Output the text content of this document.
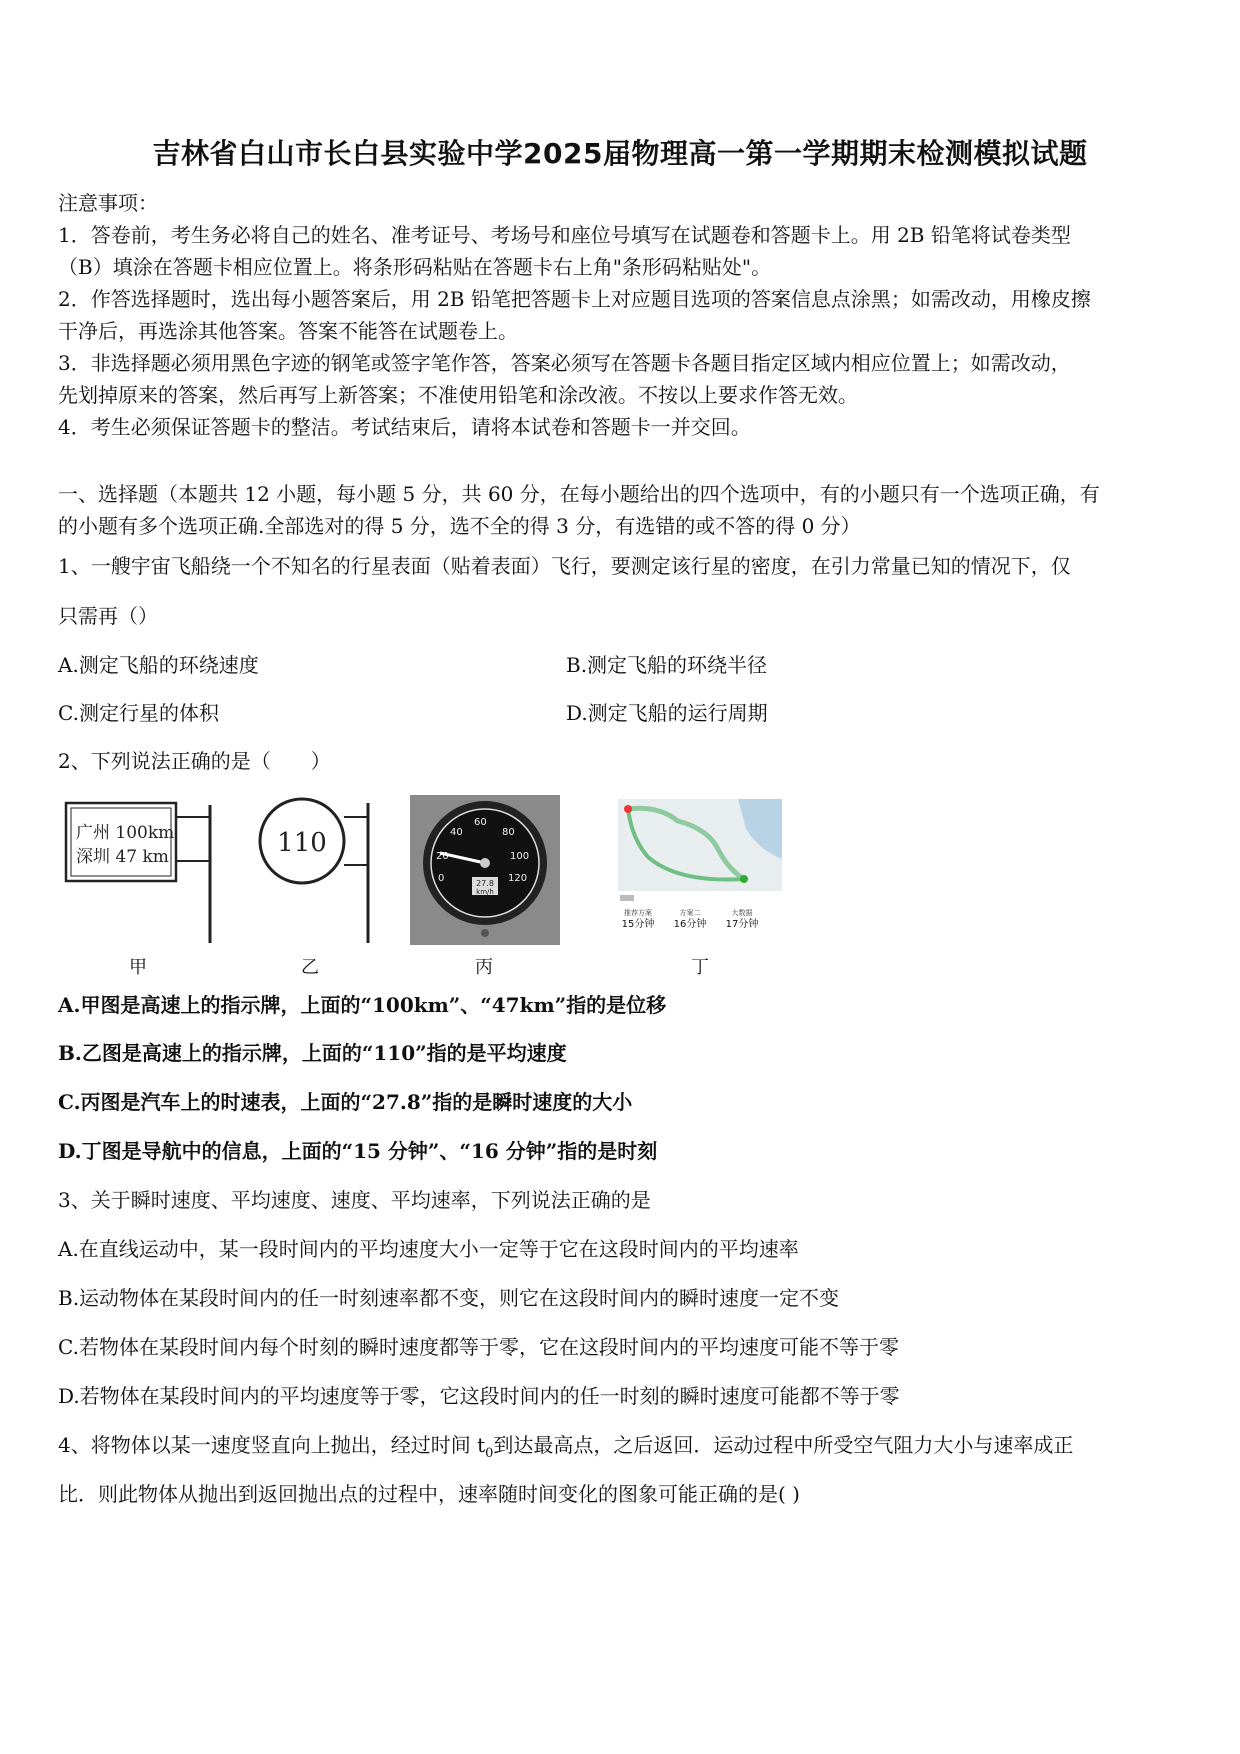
吉林省白山市长白县实验中学2025届物理高一第一学期期末检测模拟试题
注意事项：
1．答卷前，考生务必将自己的姓名、准考证号、考场号和座位号填写在试题卷和答题卡上。用 2B 铅笔将试卷类型
（B）填涂在答题卡相应位置上。将条形码粘贴在答题卡右上角"条形码粘贴处"。
2．作答选择题时，选出每小题答案后，用 2B 铅笔把答题卡上对应题目选项的答案信息点涂黑；如需改动，用橡皮擦
干净后，再选涂其他答案。答案不能答在试题卷上。
3．非选择题必须用黑色字迹的钢笔或签字笔作答，答案必须写在答题卡各题目指定区域内相应位置上；如需改动，
先划掉原来的答案，然后再写上新答案；不准使用铅笔和涂改液。不按以上要求作答无效。
4．考生必须保证答题卡的整洁。考试结束后，请将本试卷和答题卡一并交回。
一、选择题（本题共 12 小题，每小题 5 分，共 60 分，在每小题给出的四个选项中，有的小题只有一个选项正确，有
的小题有多个选项正确.全部选对的得 5 分，选不全的得 3 分，有选错的或不答的得 0 分）
1、一艘宇宙飞船绕一个不知名的行星表面（贴着表面）飞行，要测定该行星的密度，在引力常量已知的情况下，仅
只需再（）
A.测定飞船的环绕速度	B.测定飞船的环绕半径
C.测定行星的体积	D.测定飞船的运行周期
2、下列说法正确的是（　　）
广州 100km
深圳 47 km	110
0
20
40
60
80
100
120
27.8
km/h
推荐方案
15分钟
方案二
16分钟
大数据
17分钟
甲	乙	丙	丁
A.甲图是高速上的指示牌，上面的“100km”、“47km”指的是位移
B.乙图是高速上的指示牌，上面的“110”指的是平均速度
C.丙图是汽车上的时速表，上面的“27.8”指的是瞬时速度的大小
D.丁图是导航中的信息，上面的“15 分钟”、“16 分钟”指的是时刻
3、关于瞬时速度、平均速度、速度、平均速率，下列说法正确的是
A.在直线运动中，某一段时间内的平均速度大小一定等于它在这段时间内的平均速率
B.运动物体在某段时间内的任一时刻速率都不变，则它在这段时间内的瞬时速度一定不变
C.若物体在某段时间内每个时刻的瞬时速度都等于零，它在这段时间内的平均速度可能不等于零
D.若物体在某段时间内的平均速度等于零，它这段时间内的任一时刻的瞬时速度可能都不等于零
4、将物体以某一速度竖直向上抛出，经过时间 $t_0$到达最高点，之后返回．运动过程中所受空气阻力大小与速率成正
比．则此物体从抛出到返回抛出点的过程中，速率随时间变化的图象可能正确的是( )
